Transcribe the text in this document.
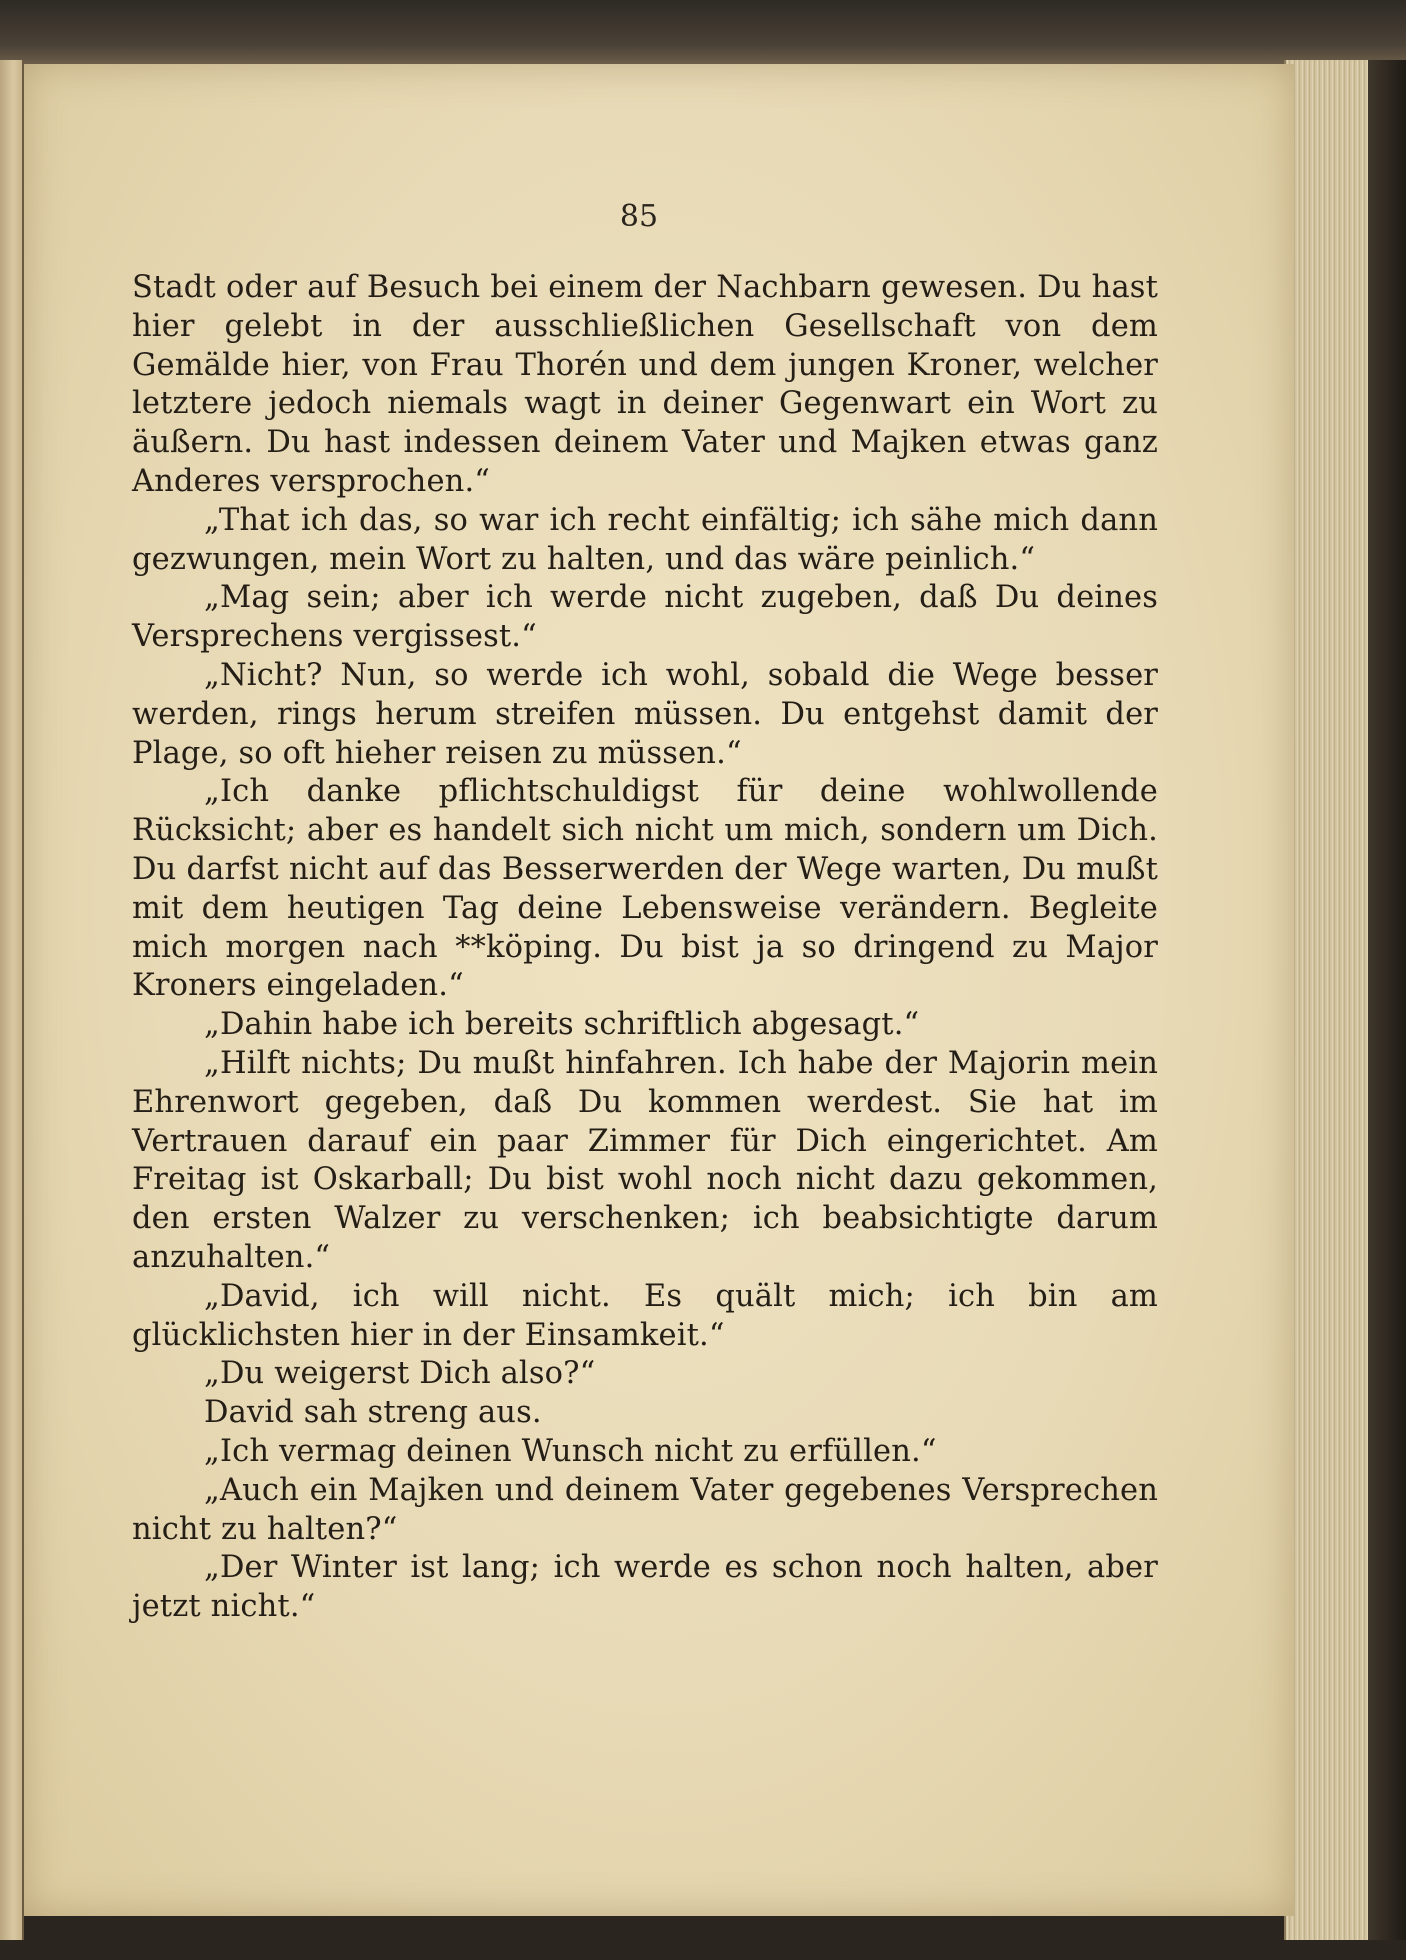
85

Stadt oder auf Besuch bei einem der Nachbarn gewesen. Du hast hier gelebt in der ausschließlichen Gesellschaft von dem Gemälde hier, von Frau Thorén und dem jungen Kroner, welcher letztere jedoch niemals wagt in deiner Gegenwart ein Wort zu äußern. Du hast indessen deinem Vater und Majken etwas ganz Anderes versprochen.“

„That ich das, so war ich recht einfältig; ich sähe mich dann gezwungen, mein Wort zu halten, und das wäre peinlich.“

„Mag sein; aber ich werde nicht zugeben, daß Du deines Versprechens vergissest.“

„Nicht? Nun, so werde ich wohl, sobald die Wege besser werden, rings herum streifen müssen. Du entgehst damit der Plage, so oft hieher reisen zu müssen.“

„Ich danke pflichtschuldigst für deine wohlwollende Rücksicht; aber es handelt sich nicht um mich, sondern um Dich. Du darfst nicht auf das Besserwerden der Wege warten, Du mußt mit dem heutigen Tag deine Lebensweise verändern. Begleite mich morgen nach **köping. Du bist ja so dringend zu Major Kroners eingeladen.“

„Dahin habe ich bereits schriftlich abgesagt.“

„Hilft nichts; Du mußt hinfahren. Ich habe der Majorin mein Ehrenwort gegeben, daß Du kommen werdest. Sie hat im Vertrauen darauf ein paar Zimmer für Dich eingerichtet. Am Freitag ist Oskarball; Du bist wohl noch nicht dazu gekommen, den ersten Walzer zu verschenken; ich beabsichtigte darum anzuhalten.“

„David, ich will nicht. Es quält mich; ich bin am glücklichsten hier in der Einsamkeit.“

„Du weigerst Dich also?“

David sah streng aus.

„Ich vermag deinen Wunsch nicht zu erfüllen.“

„Auch ein Majken und deinem Vater gegebenes Versprechen nicht zu halten?“

„Der Winter ist lang; ich werde es schon noch halten, aber jetzt nicht.“
